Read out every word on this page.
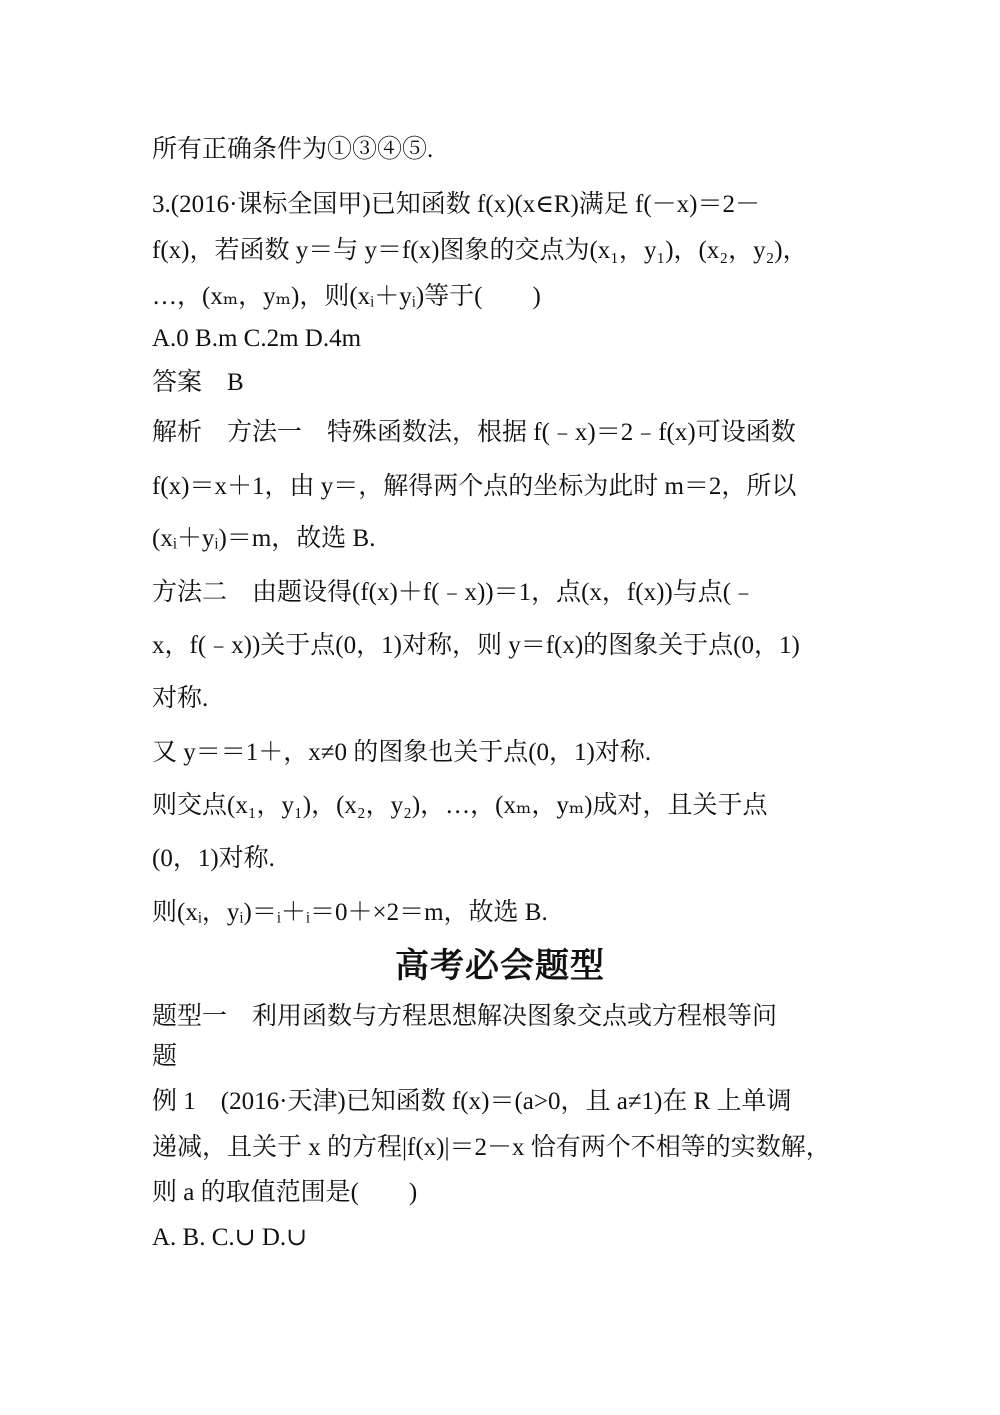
所有正确条件为①③④⑤.
3.(2016·课标全国甲)已知函数 f(x)(x∈R)满足 f(－x)＝2－
f(x)，若函数 y＝与 y＝f(x)图象的交点为(x₁，y₁)，(x₂，y₂)，
…，(xₘ，yₘ)，则(xᵢ＋yᵢ)等于(　　)
A.0 B.m C.2m D.4m
答案　B
解析　方法一　特殊函数法，根据 f(﹣x)＝2﹣f(x)可设函数
f(x)＝x＋1，由 y＝，解得两个点的坐标为此时 m＝2，所以
(xᵢ＋yᵢ)＝m，故选 B.
方法二　由题设得(f(x)＋f(﹣x))＝1，点(x，f(x))与点(﹣
x，f(﹣x))关于点(0，1)对称，则 y＝f(x)的图象关于点(0，1)
对称.
又 y＝＝1＋，x≠0 的图象也关于点(0，1)对称.
则交点(x₁，y₁)，(x₂，y₂)，…，(xₘ，yₘ)成对，且关于点
(0，1)对称.
则(xᵢ，yᵢ)＝ᵢ＋ᵢ＝0＋×2＝m，故选 B.
高考必会题型
题型一　利用函数与方程思想解决图象交点或方程根等问
题
例 1　(2016·天津)已知函数 f(x)＝(a>0，且 a≠1)在 R 上单调
递减，且关于 x 的方程|f(x)|＝2－x 恰有两个不相等的实数解，
则 a 的取值范围是(　　)
A. B. C.∪ D.∪
